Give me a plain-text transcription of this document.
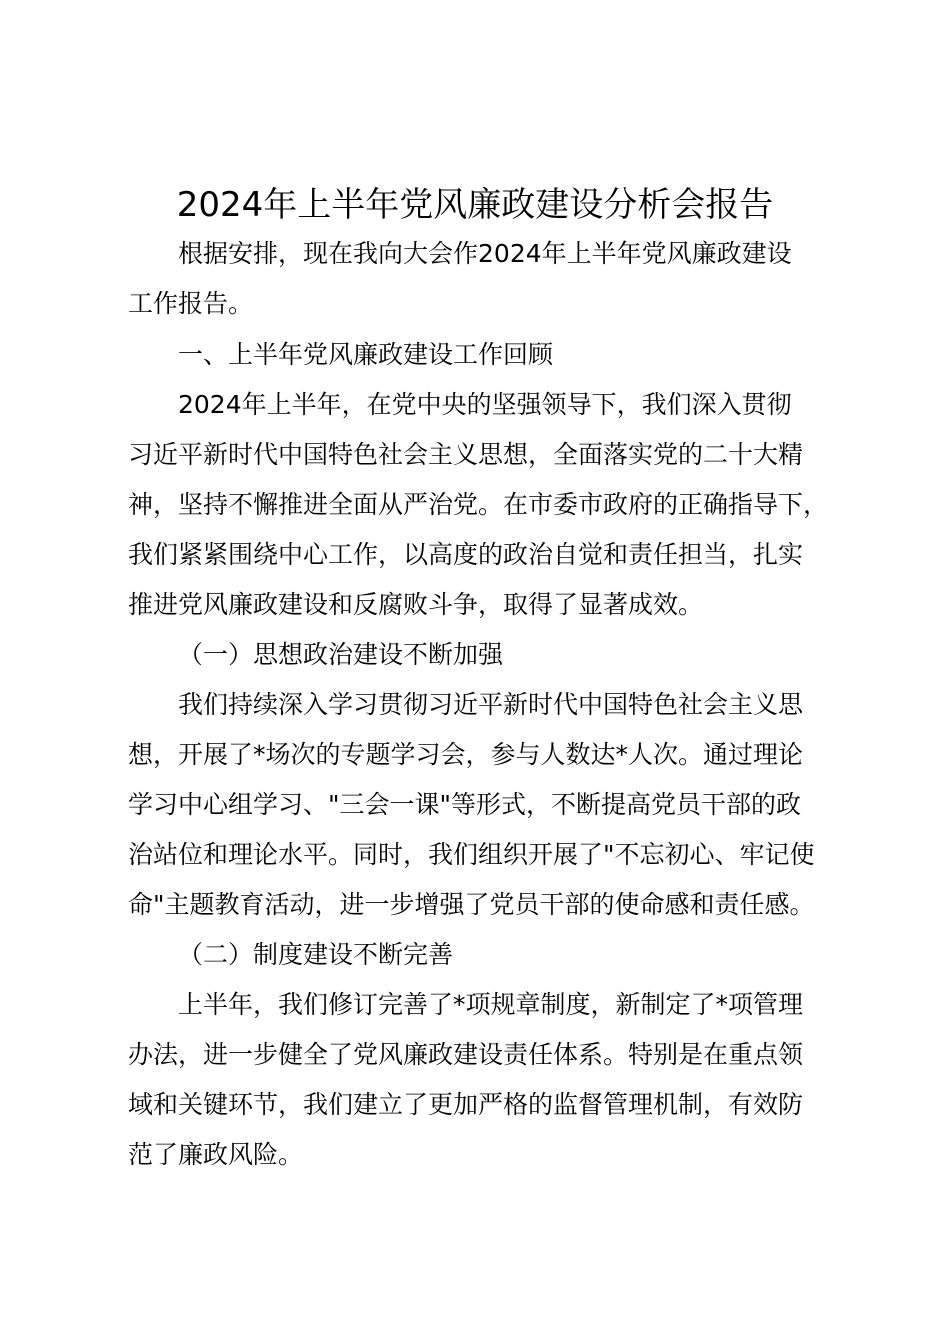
2024年上半年党风廉政建设分析会报告
根据安排，现在我向大会作2024年上半年党风廉政建设
工作报告。
一、上半年党风廉政建设工作回顾
2024年上半年，在党中央的坚强领导下，我们深入贯彻
习近平新时代中国特色社会主义思想，全面落实党的二十大精
神，坚持不懈推进全面从严治党。在市委市政府的正确指导下，
我们紧紧围绕中心工作，以高度的政治自觉和责任担当，扎实
推进党风廉政建设和反腐败斗争，取得了显著成效。
（一）思想政治建设不断加强
我们持续深入学习贯彻习近平新时代中国特色社会主义思
想，开展了*场次的专题学习会，参与人数达*人次。通过理论
学习中心组学习、"三会一课"等形式，不断提高党员干部的政
治站位和理论水平。同时，我们组织开展了"不忘初心、牢记使
命"主题教育活动，进一步增强了党员干部的使命感和责任感。
（二）制度建设不断完善
上半年，我们修订完善了*项规章制度，新制定了*项管理
办法，进一步健全了党风廉政建设责任体系。特别是在重点领
域和关键环节，我们建立了更加严格的监督管理机制，有效防
范了廉政风险。
